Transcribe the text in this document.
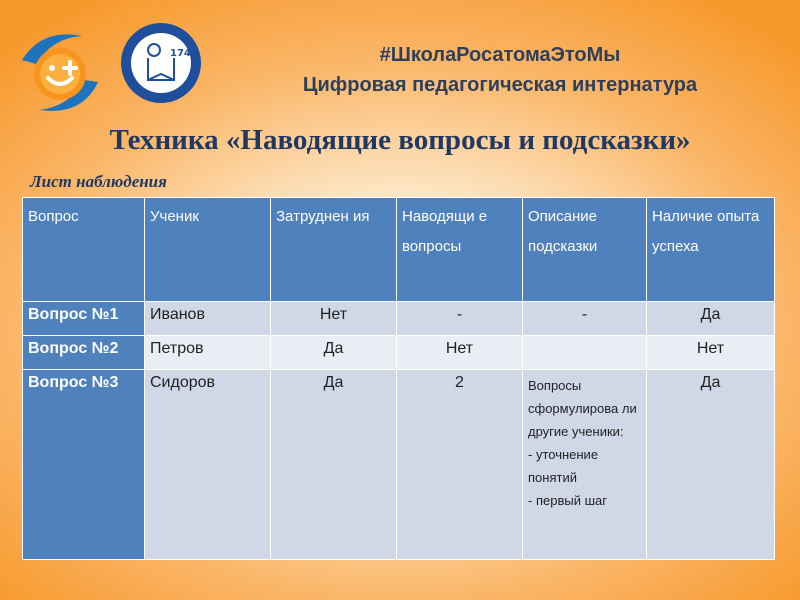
174	#ШколаРосатомаЭтоМы
Цифровая педагогическая интернатура
Техника «Наводящие вопросы и подсказки»
Лист наблюдения
Вопрос	Ученик	Затруднен ия	Наводящи е вопросы	Описание подсказки	Наличие опыта успеха
Вопрос №1	Иванов	Нет	-	-	Да
Вопрос №2	Петров	Да	Нет		Нет
Вопрос №3	Сидоров	Да	2	Вопросы сформулирова ли другие ученики:
- уточнение понятий
- первый шаг	Да
